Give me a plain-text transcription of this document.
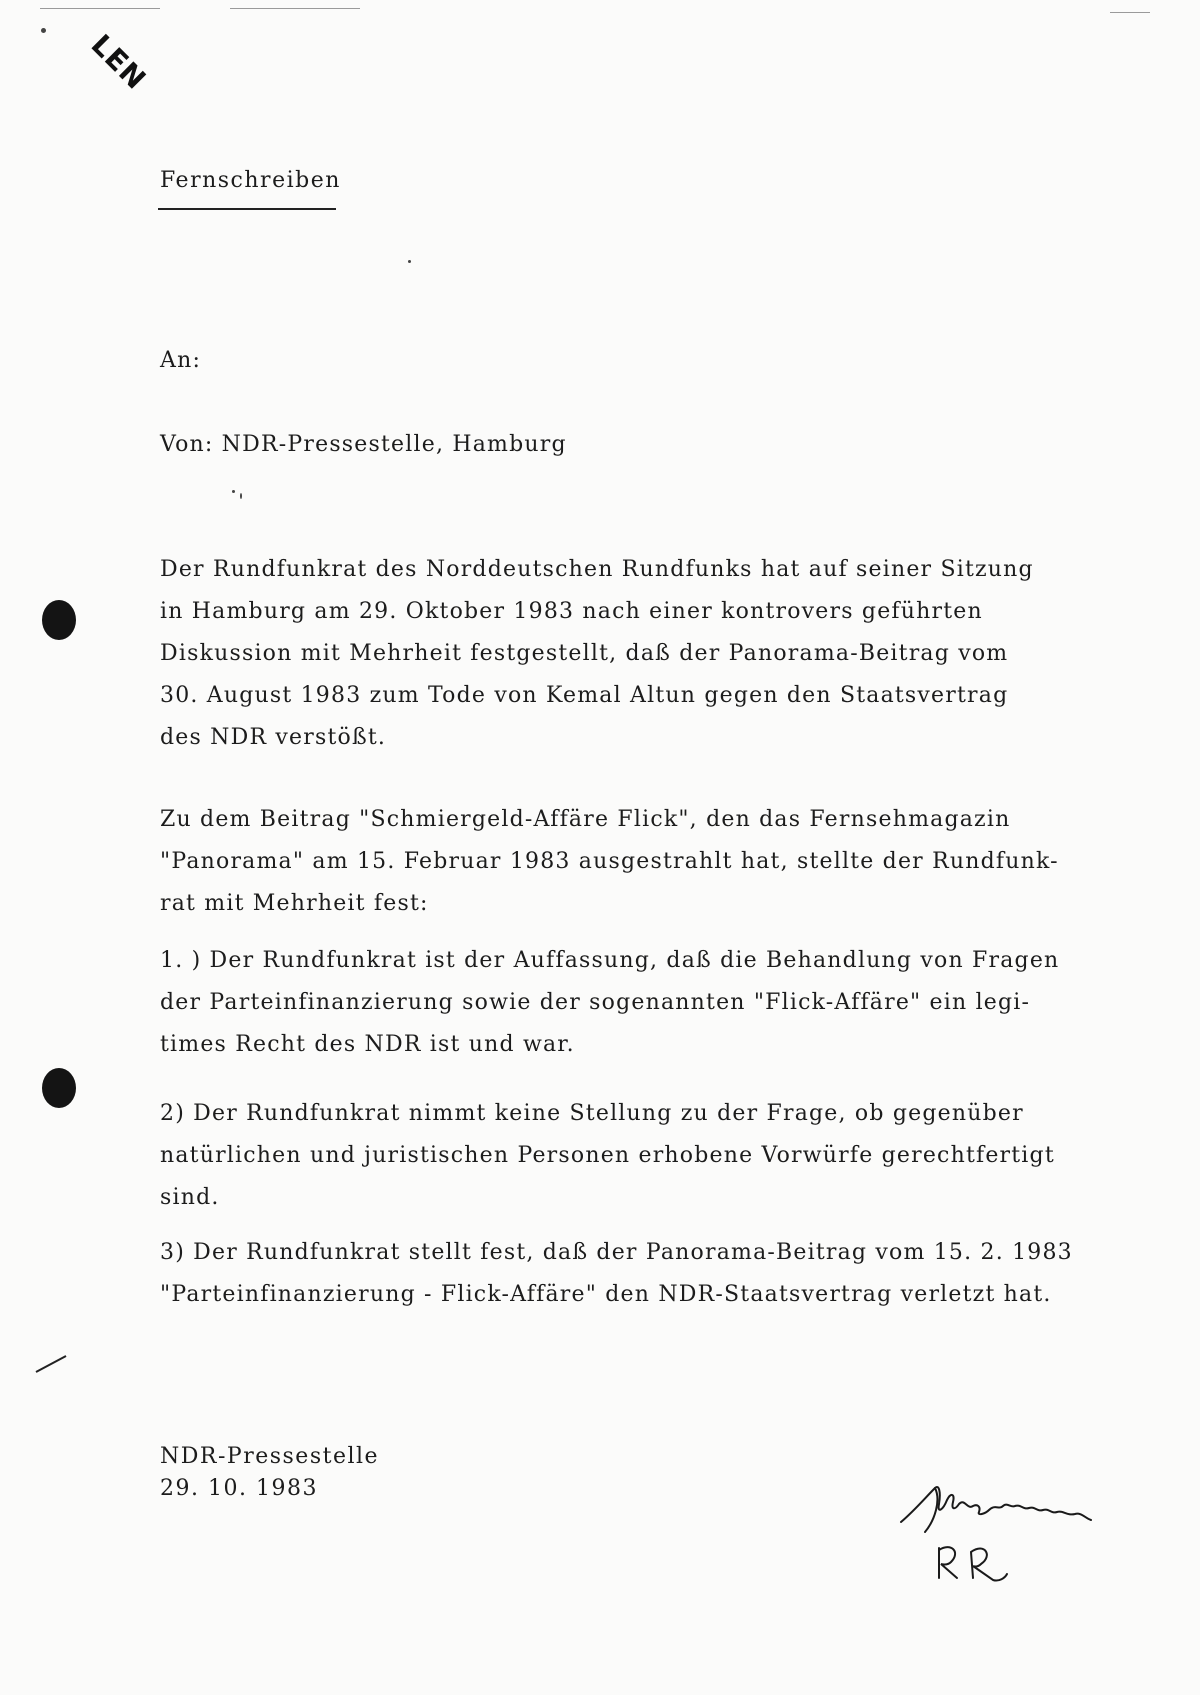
LEN
Fernschreiben
An:
Von: NDR-Pressestelle, Hamburg
Der Rundfunkrat des Norddeutschen Rundfunks hat auf seiner Sitzung
in Hamburg am 29. Oktober 1983 nach einer kontrovers geführten
Diskussion mit Mehrheit festgestellt, daß der Panorama-Beitrag vom
30. August 1983 zum Tode von Kemal Altun gegen den Staatsvertrag
des NDR verstößt.
Zu dem Beitrag "Schmiergeld-Affäre Flick", den das Fernsehmagazin
"Panorama" am 15. Februar 1983 ausgestrahlt hat, stellte der Rundfunk-
rat mit Mehrheit fest:
1. ) Der Rundfunkrat ist der Auffassung, daß die Behandlung von Fragen
der Parteinfinanzierung sowie der sogenannten "Flick-Affäre" ein legi-
times Recht des NDR ist und war.
2) Der Rundfunkrat nimmt keine Stellung zu der Frage, ob gegenüber
natürlichen und juristischen Personen erhobene Vorwürfe gerechtfertigt
sind.
3) Der Rundfunkrat stellt fest, daß der Panorama-Beitrag vom 15. 2. 1983
"Parteinfinanzierung - Flick-Affäre" den NDR-Staatsvertrag verletzt hat.
NDR-Pressestelle
29. 10. 1983
